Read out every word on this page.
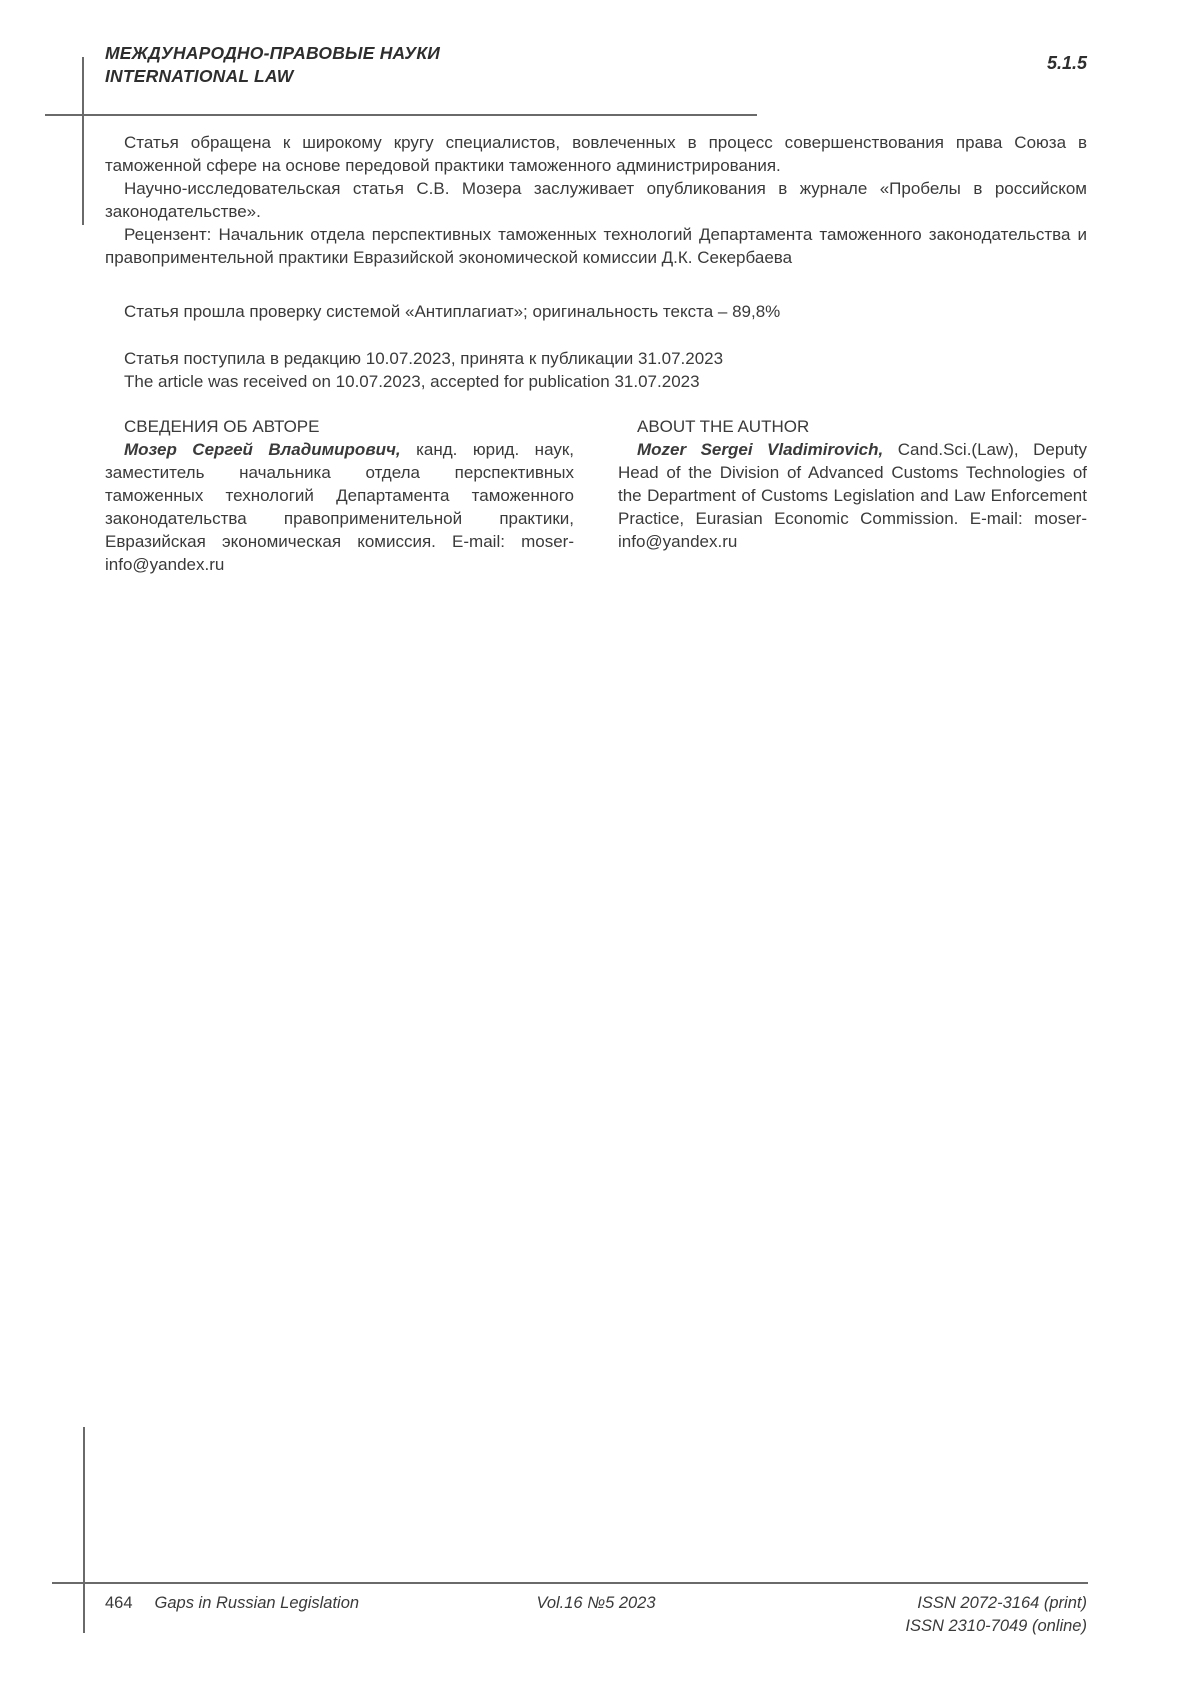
МЕЖДУНАРОДНО-ПРАВОВЫЕ НАУКИ
INTERNATIONAL LAW
5.1.5

Статья обращена к широкому кругу специалистов, вовлеченных в процесс совершенствования права Союза в таможенной сфере на основе передовой практики таможенного администрирования.

Научно-исследовательская статья С.В. Мозера заслуживает опубликования в журнале «Пробелы в российском законодательстве».

Рецензент: Начальник отдела перспективных таможенных технологий Департамента таможенного законодательства и правоприментельной практики Евразийской экономической комиссии Д.К. Секербаева

Статья прошла проверку системой «Антиплагиат»; оригинальность текста – 89,8%

Статья поступила в редакцию 10.07.2023, принята к публикации 31.07.2023

The article was received on 10.07.2023, accepted for publication 31.07.2023

СВЕДЕНИЯ ОБ АВТОРЕ

Мозер Сергей Владимирович, канд. юрид. наук, заместитель начальника отдела перспективных таможенных технологий Департамента таможенного законодательства правоприменительной практики, Евразийская экономическая комиссия. E-mail: moser-info@yandex.ru

ABOUT THE AUTHOR

Mozer Sergei Vladimirovich, Cand.Sci.(Law), Deputy Head of the Division of Advanced Customs Technologies of the Department of Customs Legislation and Law Enforcement Practice, Eurasian Economic Commission. E-mail: moser-info@yandex.ru

464 Gaps in Russian Legislation	Vol.16 №5 2023	ISSN 2072-3164 (print)
ISSN 2310-7049 (online)
